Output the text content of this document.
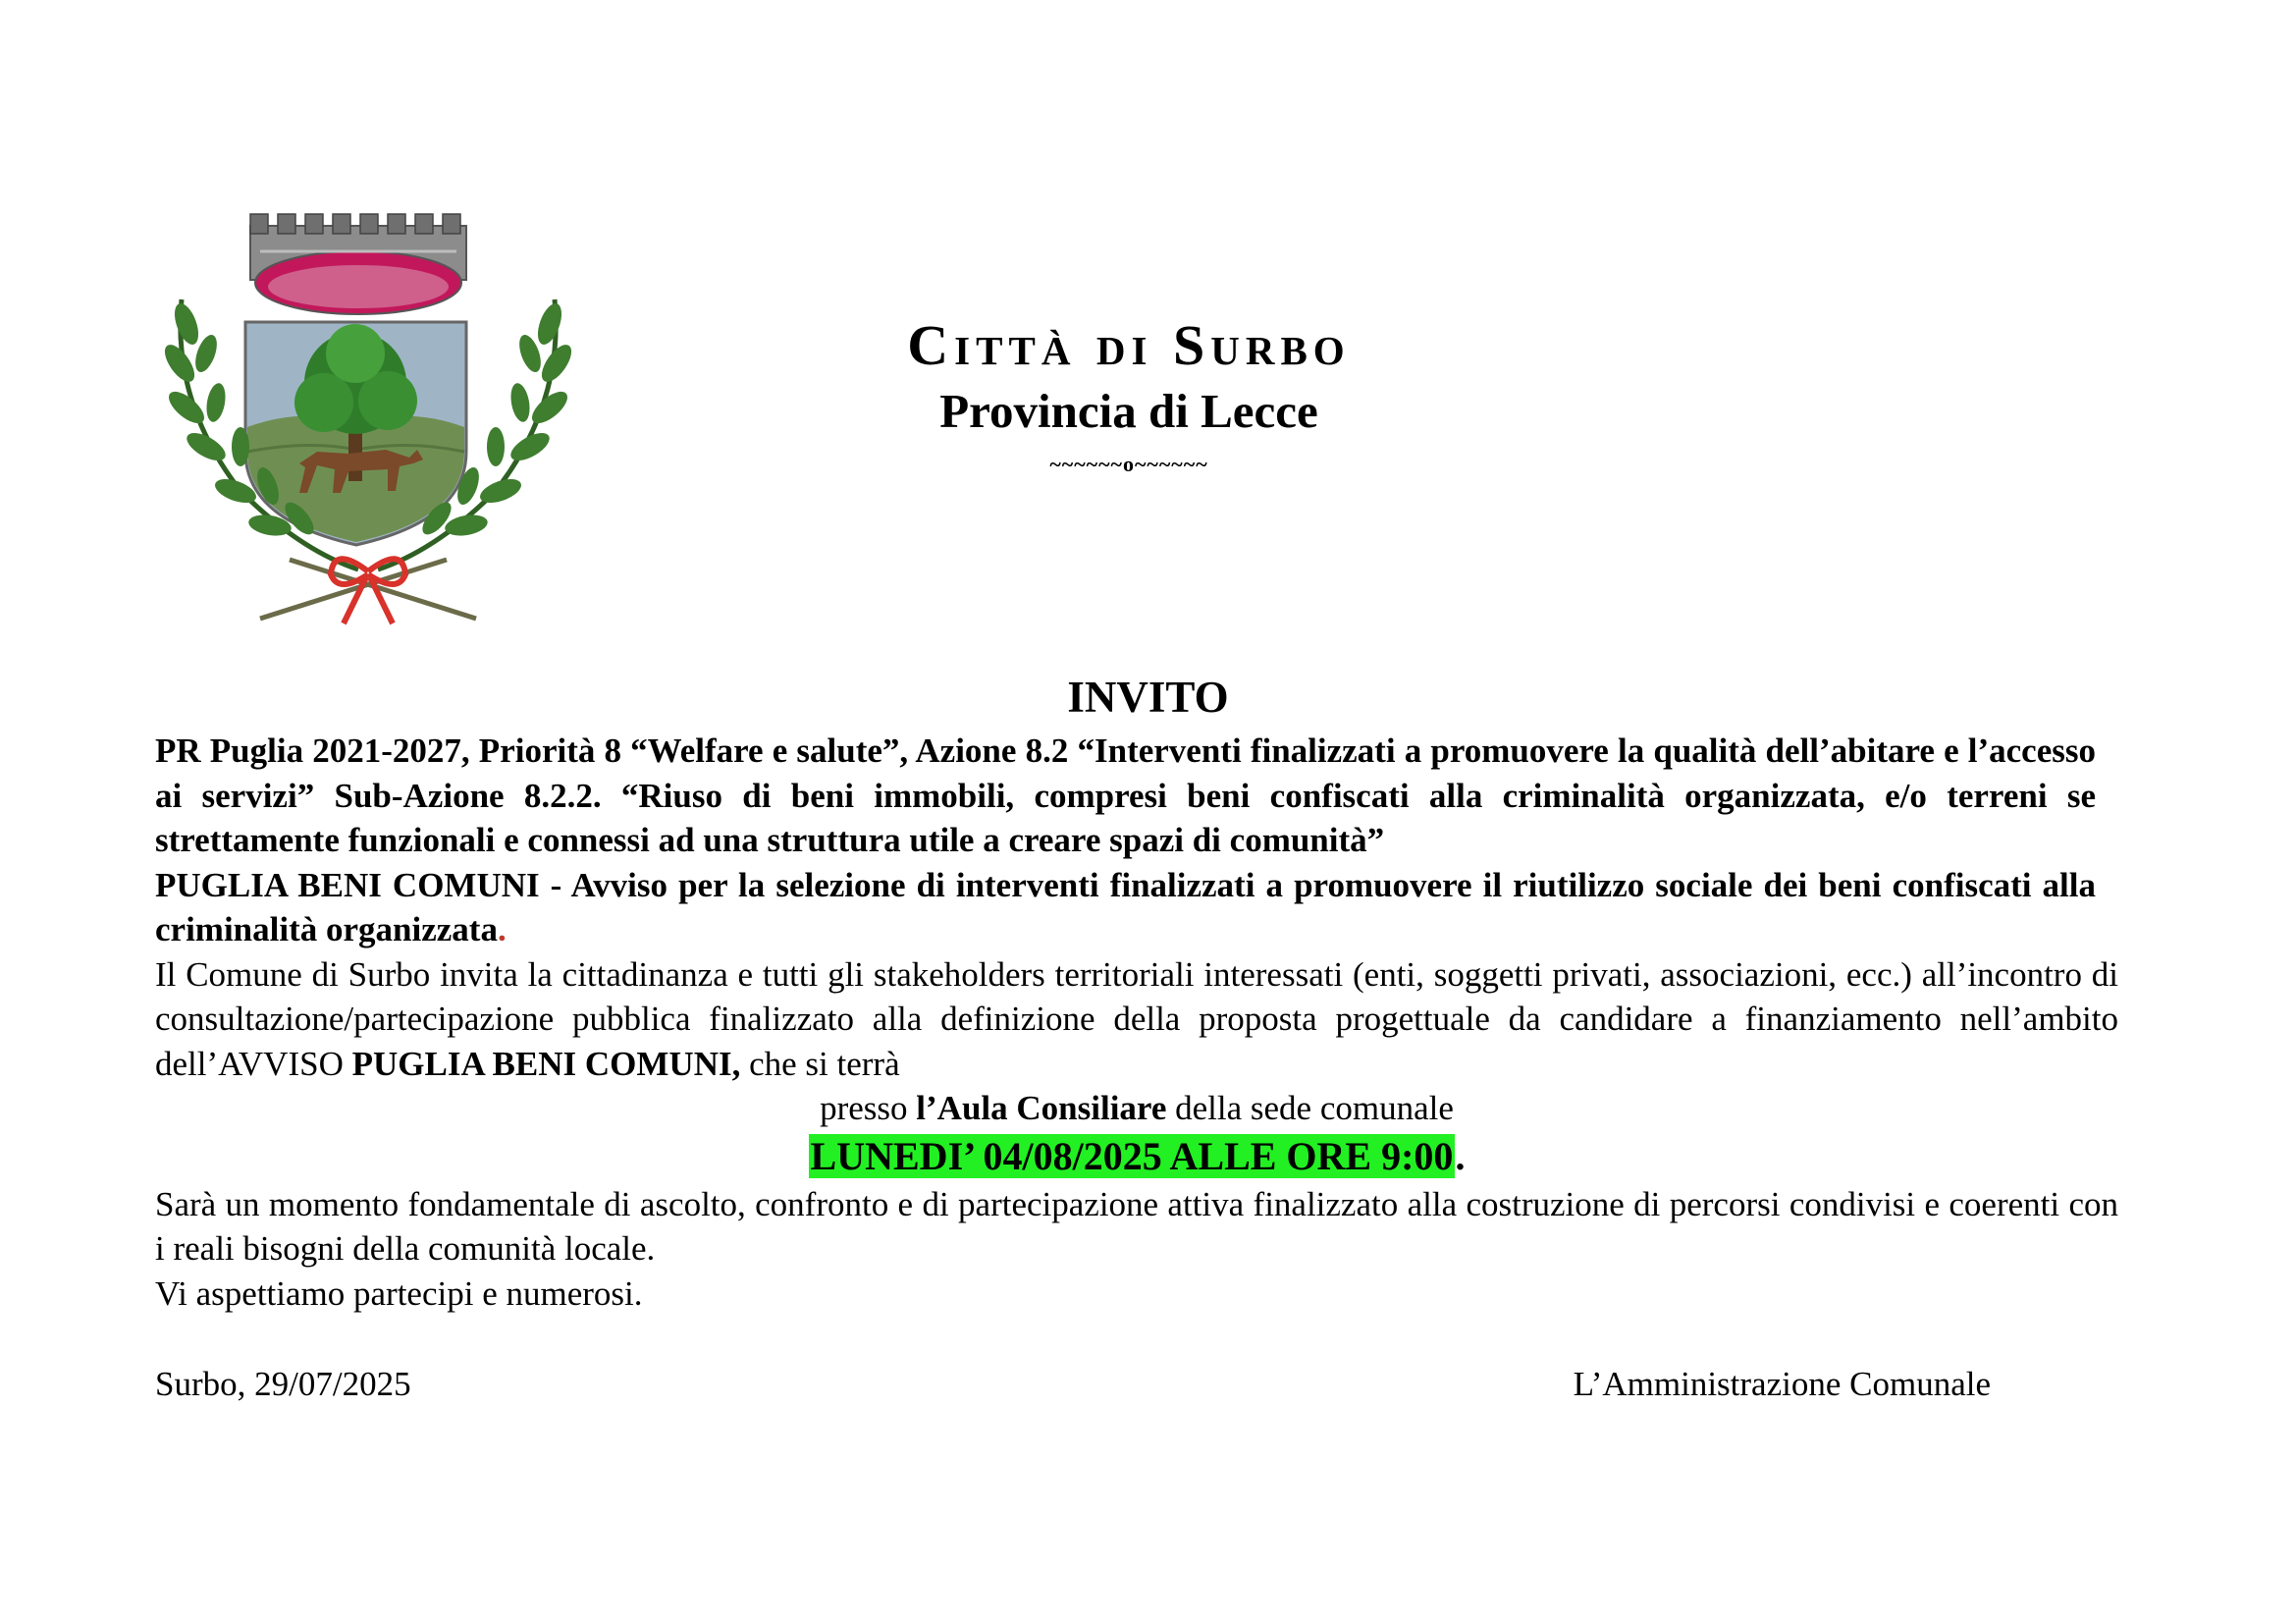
Città di Surbo
Provincia di Lecce
~~~~~~o~~~~~~
INVITO
PR Puglia 2021-2027, Priorità 8 “Welfare e salute”, Azione 8.2 “Interventi finalizzati a promuovere la qualità dell’abitare e l’accesso ai servizi” Sub-Azione 8.2.2. “Riuso di beni immobili, compresi beni confiscati alla criminalità organizzata, e/o terreni se strettamente funzionali e connessi ad una struttura utile a creare spazi di comunità”
PUGLIA BENI COMUNI - Avviso per la selezione di interventi finalizzati a promuovere il riutilizzo sociale dei beni confiscati alla criminalità organizzata.
Il Comune di Surbo invita la cittadinanza e tutti gli stakeholders territoriali interessati (enti, soggetti privati, associazioni, ecc.) all’incontro di consultazione/partecipazione pubblica finalizzato alla definizione della proposta progettuale da candidare a finanziamento nell’ambito dell’AVVISO PUGLIA BENI COMUNI, che si terrà
presso l’Aula Consiliare della sede comunale
LUNEDI’ 04/08/2025 ALLE ORE 9:00.
Sarà un momento fondamentale di ascolto, confronto e di partecipazione attiva finalizzato alla costruzione di percorsi condivisi e coerenti con i reali bisogni della comunità locale.
Vi aspettiamo partecipi e numerosi.
Surbo, 29/07/2025	L’Amministrazione Comunale
